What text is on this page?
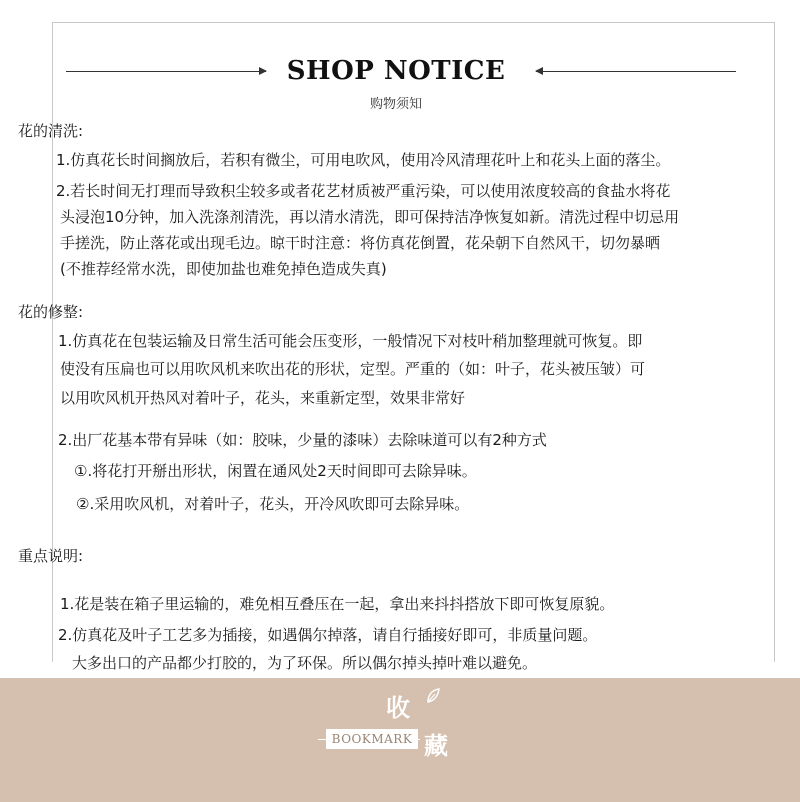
SHOP NOTICE
购物须知
花的清洗:
1.仿真花长时间搁放后，若积有微尘，可用电吹风，使用冷风清理花叶上和花头上面的落尘。
2.若长时间无打理而导致积尘较多或者花艺材质被严重污染，可以使用浓度较高的食盐水将花
头浸泡10分钟，加入洗涤剂清洗，再以清水清洗，即可保持洁净恢复如新。清洗过程中切忌用
手搓洗，防止落花或出现毛边。晾干时注意：将仿真花倒置，花朵朝下自然风干，切勿暴晒
(不推荐经常水洗，即使加盐也难免掉色造成失真)
花的修整:
1.仿真花在包装运输及日常生活可能会压变形，一般情况下对枝叶稍加整理就可恢复。即
使没有压扁也可以用吹风机来吹出花的形状，定型。严重的（如：叶子，花头被压皱）可
以用吹风机开热风对着叶子，花头，来重新定型，效果非常好
2.出厂花基本带有异味（如：胶味，少量的漆味）去除味道可以有2种方式
①.将花打开掰出形状，闲置在通风处2天时间即可去除异味。
②.采用吹风机，对着叶子，花头，开冷风吹即可去除异味。
重点说明:
1.花是装在箱子里运输的，难免相互叠压在一起，拿出来抖抖搭放下即可恢复原貌。
2.仿真花及叶子工艺多为插接，如遇偶尔掉落，请自行插接好即可，非质量问题。
大多出口的产品都少打胶的，为了环保。所以偶尔掉头掉叶难以避免。
收
BOOKMARK 藏
